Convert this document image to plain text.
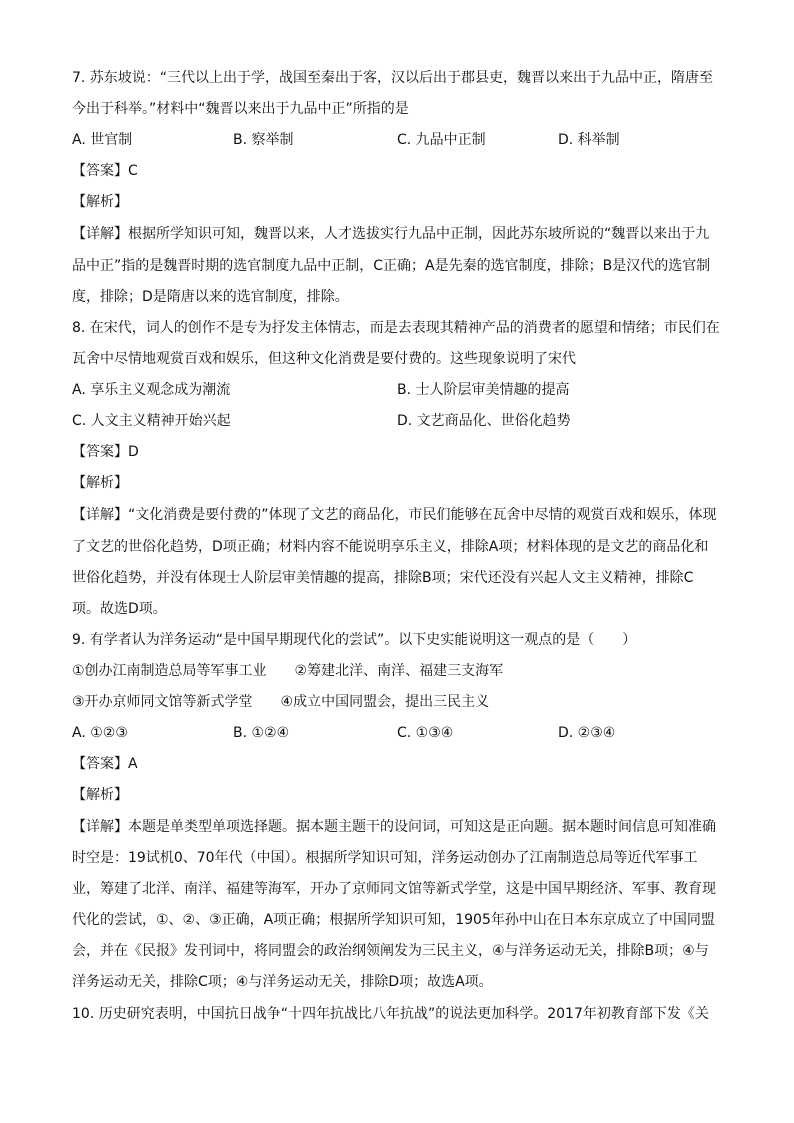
7. 苏东坡说：“三代以上出于学，战国至秦出于客，汉以后出于郡县吏，魏晋以来出于九品中正，隋唐至
今出于科举。”材料中“魏晋以来出于九品中正”所指的是
A. 世官制	B. 察举制	C. 九品中正制	D. 科举制
【答案】C
【解析】
【详解】根据所学知识可知，魏晋以来，人才选拔实行九品中正制，因此苏东坡所说的“魏晋以来出于九
品中正”指的是魏晋时期的选官制度九品中正制，C正确；A是先秦的选官制度，排除；B是汉代的选官制
度，排除；D是隋唐以来的选官制度，排除。
8. 在宋代，词人的创作不是专为抒发主体情志，而是去表现其精神产品的消费者的愿望和情绪；市民们在
瓦舍中尽情地观赏百戏和娱乐，但这种文化消费是要付费的。这些现象说明了宋代
A. 享乐主义观念成为潮流	B. 士人阶层审美情趣的提高
C. 人文主义精神开始兴起	D. 文艺商品化、世俗化趋势
【答案】D
【解析】
【详解】“文化消费是要付费的”体现了文艺的商品化，市民们能够在瓦舍中尽情的观赏百戏和娱乐，体现
了文艺的世俗化趋势，D项正确；材料内容不能说明享乐主义，排除A项；材料体现的是文艺的商品化和
世俗化趋势，并没有体现士人阶层审美情趣的提高，排除B项；宋代还没有兴起人文主义精神，排除C
项。故选D项。
9. 有学者认为洋务运动“是中国早期现代化的尝试”。以下史实能说明这一观点的是（　　）
①创办江南制造总局等军事工业　　②筹建北洋、南洋、福建三支海军
③开办京师同文馆等新式学堂　　④成立中国同盟会，提出三民主义
A. ①②③	B. ①②④	C. ①③④	D. ②③④
【答案】A
【解析】
【详解】本题是单类型单项选择题。据本题主题干的设问词，可知这是正向题。据本题时间信息可知准确
时空是：19试机0、70年代（中国）。根据所学知识可知，洋务运动创办了江南制造总局等近代军事工
业，筹建了北洋、南洋、福建等海军，开办了京师同文馆等新式学堂，这是中国早期经济、军事、教育现
代化的尝试，①、②、③正确，A项正确；根据所学知识可知，1905年孙中山在日本东京成立了中国同盟
会，并在《民报》发刊词中，将同盟会的政治纲领阐发为三民主义，④与洋务运动无关，排除B项；④与
洋务运动无关，排除C项；④与洋务运动无关，排除D项；故选A项。
10. 历史研究表明，中国抗日战争“十四年抗战比八年抗战”的说法更加科学。2017年初教育部下发《关
